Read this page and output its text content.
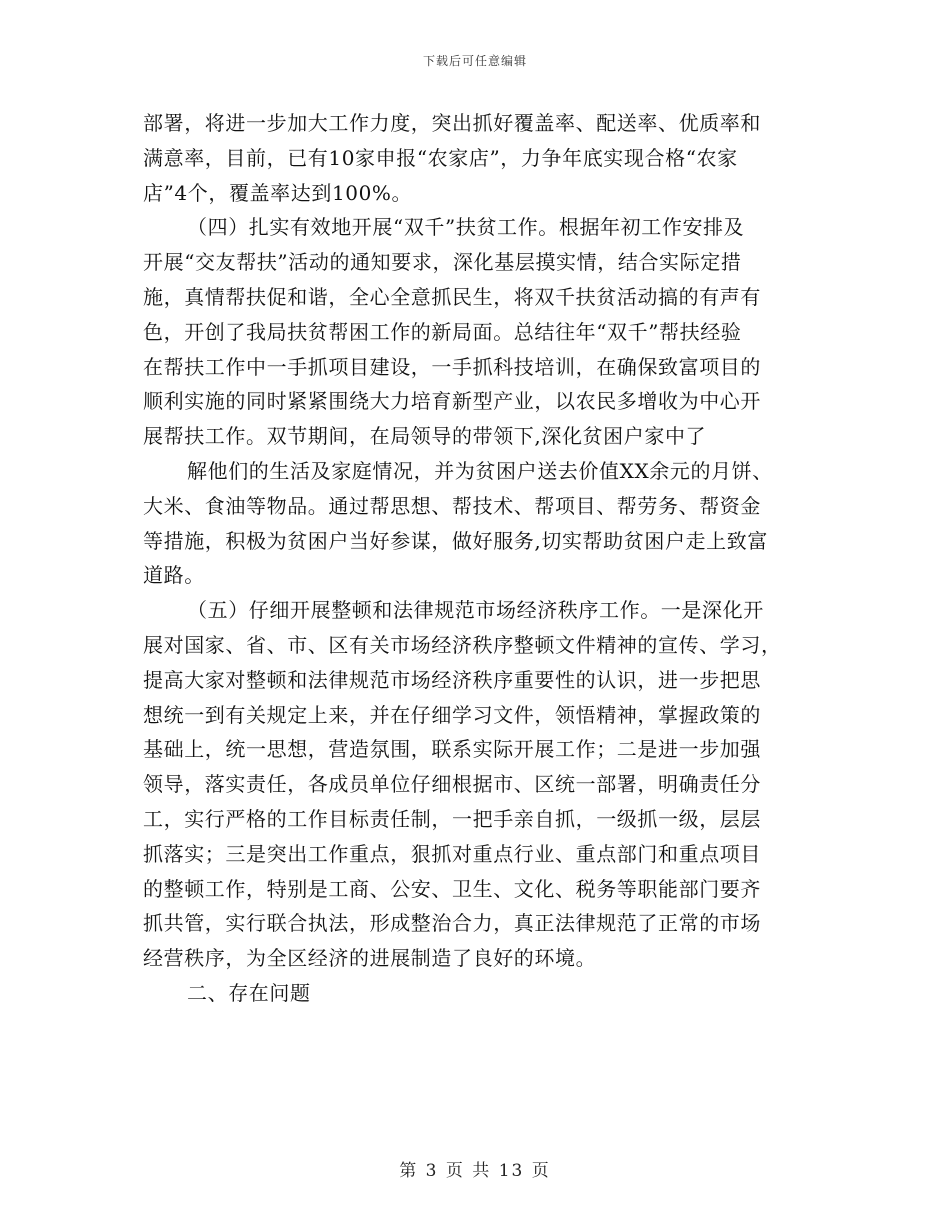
下载后可任意编辑
部署，将进一步加大工作力度，突出抓好覆盖率、配送率、优质率和
满意率，目前，已有10家申报“农家店”，力争年底实现合格“农家
店”4个，覆盖率达到100%。
（四）扎实有效地开展“双千”扶贫工作。根据年初工作安排及
开展“交友帮扶”活动的通知要求，深化基层摸实情，结合实际定措
施，真情帮扶促和谐，全心全意抓民生，将双千扶贫活动搞的有声有
色，开创了我局扶贫帮困工作的新局面。总结往年“双千”帮扶经验
在帮扶工作中一手抓项目建设，一手抓科技培训，在确保致富项目的
顺利实施的同时紧紧围绕大力培育新型产业，以农民多增收为中心开
展帮扶工作。双节期间，在局领导的带领下,深化贫困户家中了
解他们的生活及家庭情况，并为贫困户送去价值XX余元的月饼、
大米、食油等物品。通过帮思想、帮技术、帮项目、帮劳务、帮资金
等措施，积极为贫困户当好参谋，做好服务,切实帮助贫困户走上致富
道路。
（五）仔细开展整顿和法律规范市场经济秩序工作。一是深化开
展对国家、省、市、区有关市场经济秩序整顿文件精神的宣传、学习，
提高大家对整顿和法律规范市场经济秩序重要性的认识，进一步把思
想统一到有关规定上来，并在仔细学习文件，领悟精神，掌握政策的
基础上，统一思想，营造氛围，联系实际开展工作；二是进一步加强
领导，落实责任，各成员单位仔细根据市、区统一部署，明确责任分
工，实行严格的工作目标责任制，一把手亲自抓，一级抓一级，层层
抓落实；三是突出工作重点，狠抓对重点行业、重点部门和重点项目
的整顿工作，特别是工商、公安、卫生、文化、税务等职能部门要齐
抓共管，实行联合执法，形成整治合力，真正法律规范了正常的市场
经营秩序，为全区经济的进展制造了良好的环境。
二、存在问题
第 3 页 共 13 页
